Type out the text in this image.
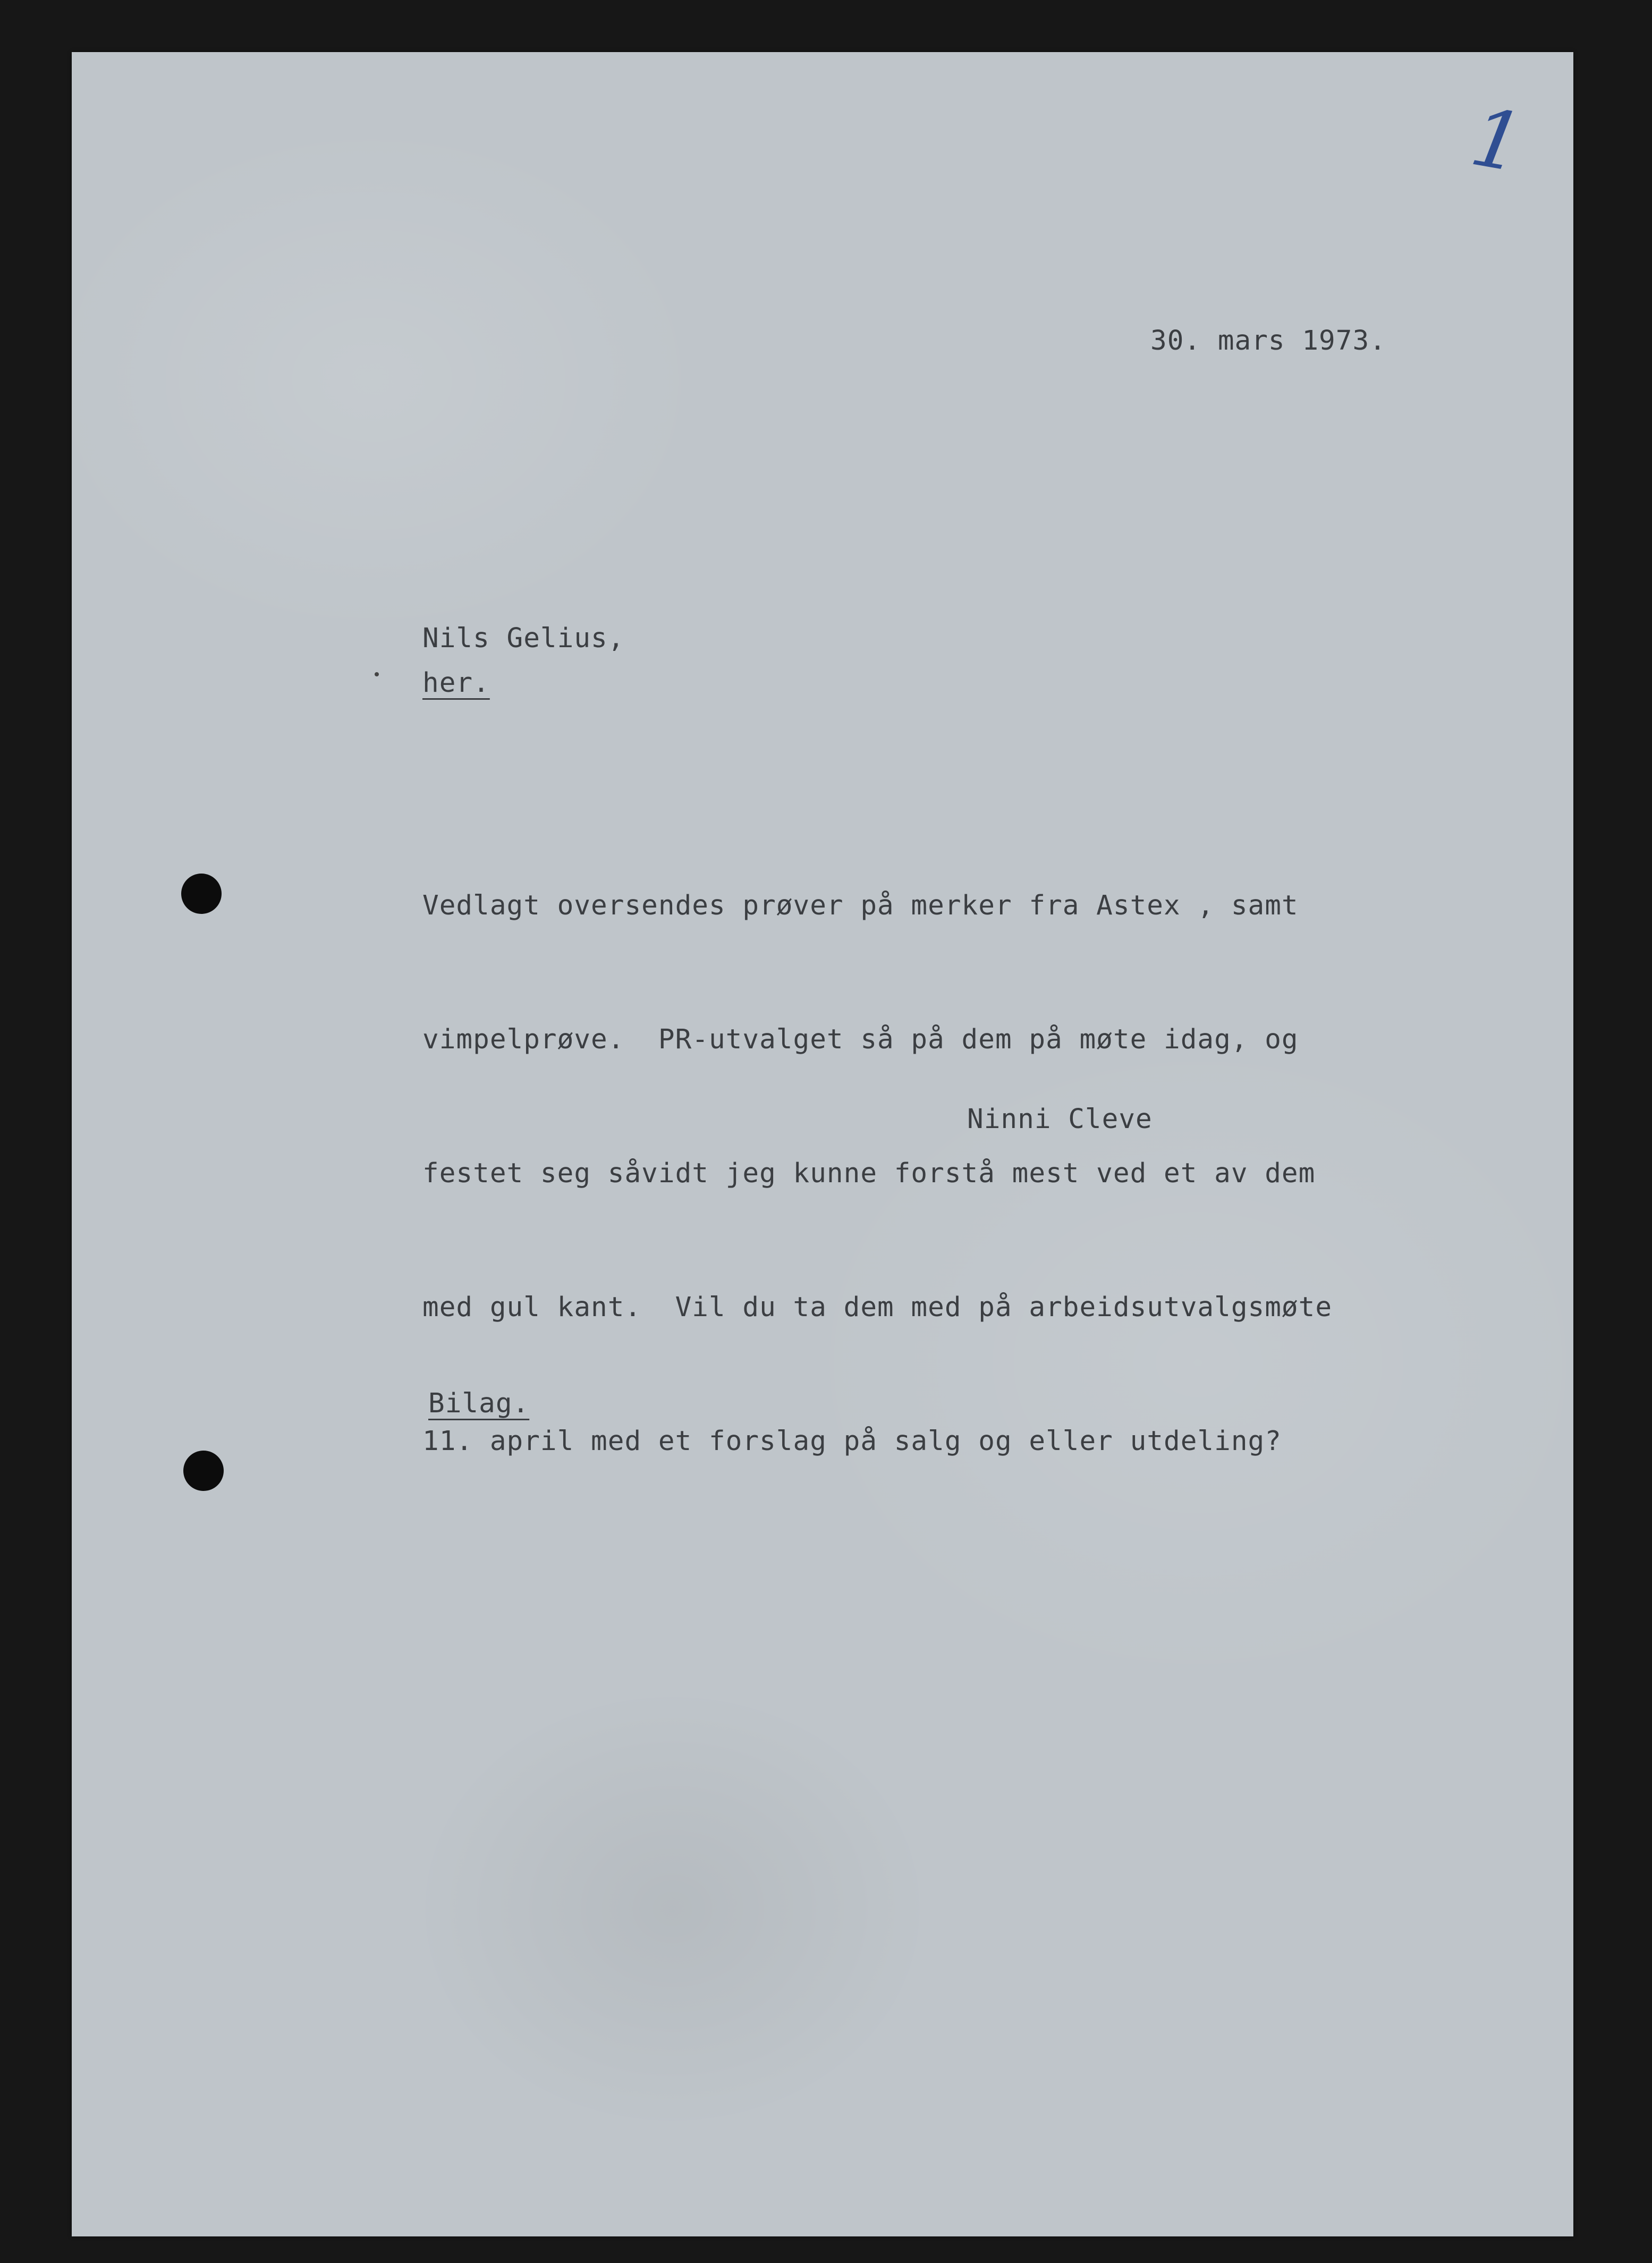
1

30. mars 1973.

Nils Gelius,

her.

Vedlagt oversendes prøver på merker fra Astex , samt

vimpelprøve.  PR-utvalget så på dem på møte idag, og

festet seg såvidt jeg kunne forstå mest ved et av dem

med gul kant.  Vil du ta dem med på arbeidsutvalgsmøte

11. april med et forslag på salg og eller utdeling?

Ninni Cleve

Bilag.
